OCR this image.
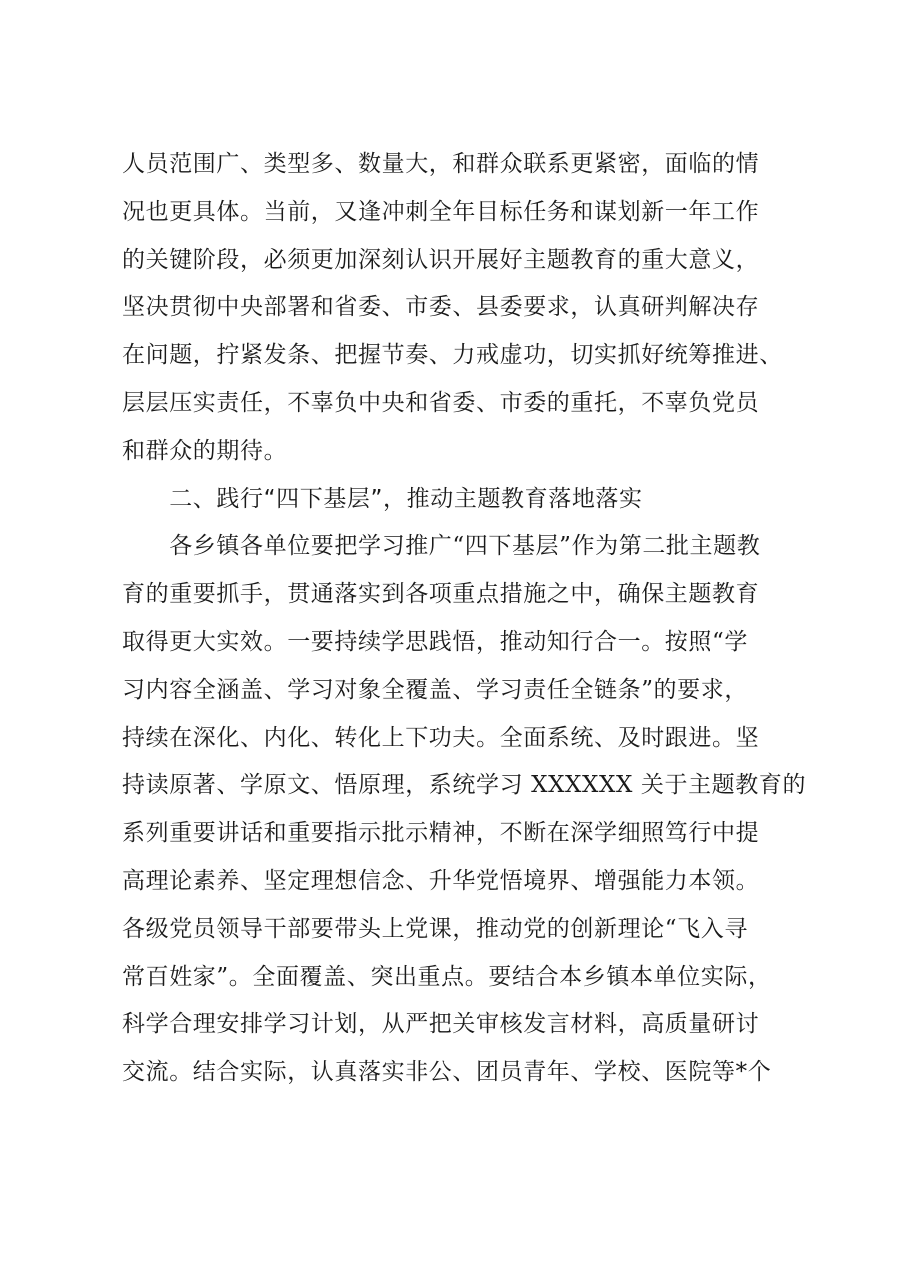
人员范围广、类型多、数量大，和群众联系更紧密，面临的情
况也更具体。当前，又逢冲刺全年目标任务和谋划新一年工作
的关键阶段，必须更加深刻认识开展好主题教育的重大意义，
坚决贯彻中央部署和省委、市委、县委要求，认真研判解决存
在问题，拧紧发条、把握节奏、力戒虚功，切实抓好统筹推进、
层层压实责任，不辜负中央和省委、市委的重托，不辜负党员
和群众的期待。
　　二、践行“四下基层”，推动主题教育落地落实
　　各乡镇各单位要把学习推广“四下基层”作为第二批主题教
育的重要抓手，贯通落实到各项重点措施之中，确保主题教育
取得更大实效。一要持续学思践悟，推动知行合一。按照“学
习内容全涵盖、学习对象全覆盖、学习责任全链条”的要求，
持续在深化、内化、转化上下功夫。全面系统、及时跟进。坚
持读原著、学原文、悟原理，系统学习 XXXXXX 关于主题教育的
系列重要讲话和重要指示批示精神，不断在深学细照笃行中提
高理论素养、坚定理想信念、升华党悟境界、增强能力本领。
各级党员领导干部要带头上党课，推动党的创新理论“飞入寻
常百姓家”。全面覆盖、突出重点。要结合本乡镇本单位实际，
科学合理安排学习计划，从严把关审核发言材料，高质量研讨
交流。结合实际，认真落实非公、团员青年、学校、医院等*个
